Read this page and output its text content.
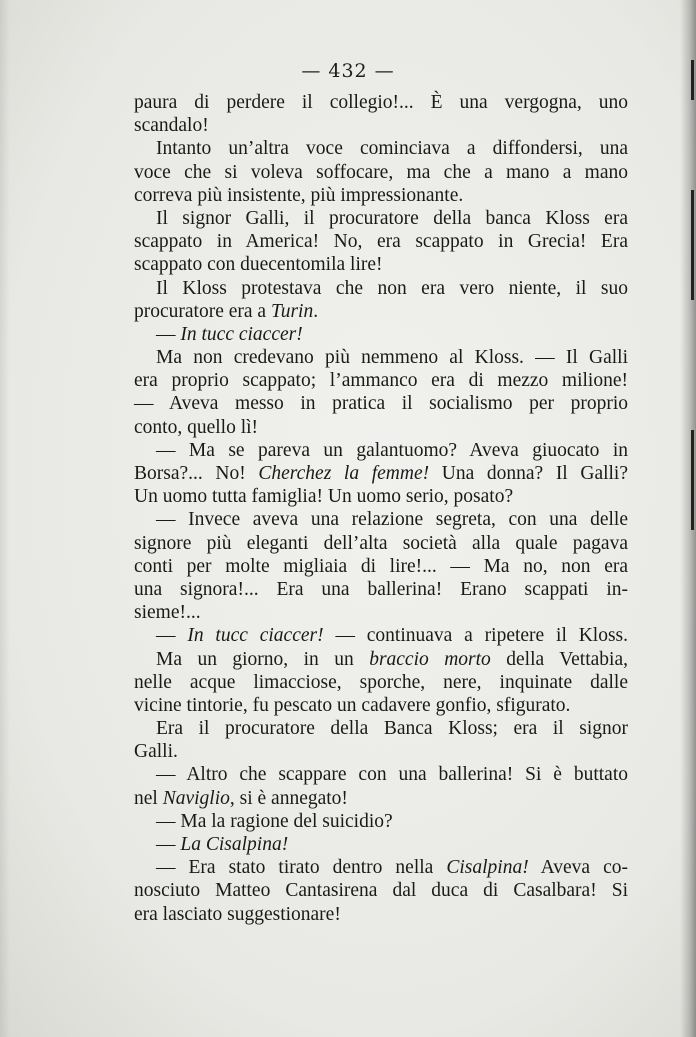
— 432 —
paura di perdere il collegio!... È una vergogna, uno
scandalo!
Intanto un’altra voce cominciava a diffondersi, una
voce che si voleva soffocare, ma che a mano a mano
correva più insistente, più impressionante.
Il signor Galli, il procuratore della banca Kloss era
scappato in America! No, era scappato in Grecia! Era
scappato con duecentomila lire!
Il Kloss protestava che non era vero niente, il suo
procuratore era a Turin.
— In tucc ciaccer!
Ma non credevano più nemmeno al Kloss. — Il Galli
era proprio scappato; l’ammanco era di mezzo milione!
— Aveva messo in pratica il socialismo per proprio
conto, quello lì!
— Ma se pareva un galantuomo? Aveva giuocato in
Borsa?... No! Cherchez la femme! Una donna? Il Galli?
Un uomo tutta famiglia! Un uomo serio, posato?
— Invece aveva una relazione segreta, con una delle
signore più eleganti dell’alta società alla quale pagava
conti per molte migliaia di lire!... — Ma no, non era
una signora!... Era una ballerina! Erano scappati in-
sieme!...
— In tucc ciaccer! — continuava a ripetere il Kloss.
Ma un giorno, in un braccio morto della Vettabia,
nelle acque limacciose, sporche, nere, inquinate dalle
vicine tintorie, fu pescato un cadavere gonfio, sfigurato.
Era il procuratore della Banca Kloss; era il signor
Galli.
— Altro che scappare con una ballerina! Si è buttato
nel Naviglio, si è annegato!
— Ma la ragione del suicidio?
— La Cisalpina!
— Era stato tirato dentro nella Cisalpina! Aveva co-
nosciuto Matteo Cantasirena dal duca di Casalbara! Si
era lasciato suggestionare!
